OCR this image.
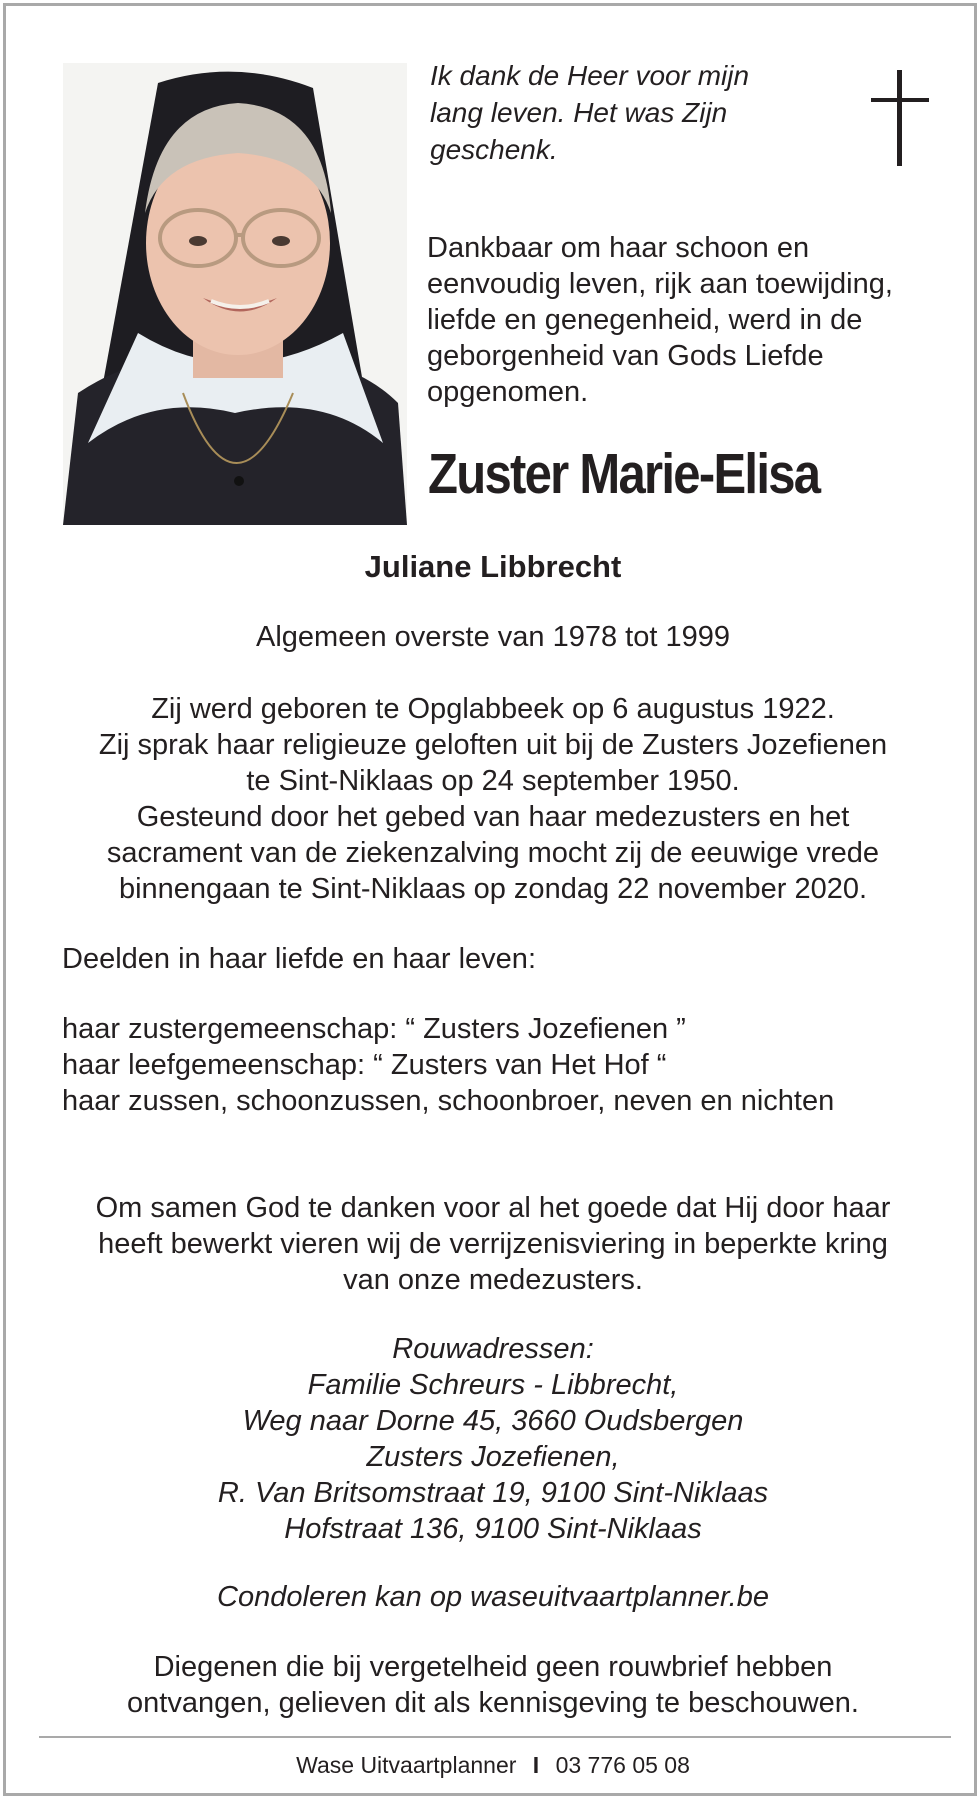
Ik dank de Heer voor mijn
lang leven. Het was Zijn
geschenk.
Dankbaar om haar schoon en
eenvoudig leven, rijk aan toewijding,
liefde en genegenheid, werd in de
geborgenheid van Gods Liefde
opgenomen.
Zuster Marie-Elisa
Juliane Libbrecht
Algemeen overste van 1978 tot 1999
Zij werd geboren te Opglabbeek op 6 augustus 1922.
Zij sprak haar religieuze geloften uit bij de Zusters Jozefienen
te Sint-Niklaas op 24 september 1950.
Gesteund door het gebed van haar medezusters en het
sacrament van de ziekenzalving mocht zij de eeuwige vrede
binnengaan te Sint-Niklaas op zondag 22 november 2020.
Deelden in haar liefde en haar leven:
haar zustergemeenschap: “ Zusters Jozefienen ”
haar leefgemeenschap: “ Zusters van Het Hof “
haar zussen, schoonzussen, schoonbroer, neven en nichten
Om samen God te danken voor al het goede dat Hij door haar
heeft bewerkt vieren wij de verrijzenisviering in beperkte kring
van onze medezusters.
Rouwadressen:
Familie Schreurs - Libbrecht,
Weg naar Dorne 45, 3660 Oudsbergen
Zusters Jozefienen,
R. Van Britsomstraat 19, 9100 Sint-Niklaas
Hofstraat 136, 9100 Sint-Niklaas
Condoleren kan op waseuitvaartplanner.be
Diegenen die bij vergetelheid geen rouwbrief hebben
ontvangen, gelieven dit als kennisgeving te beschouwen.
Wase Uitvaartplanner I 03 776 05 08
